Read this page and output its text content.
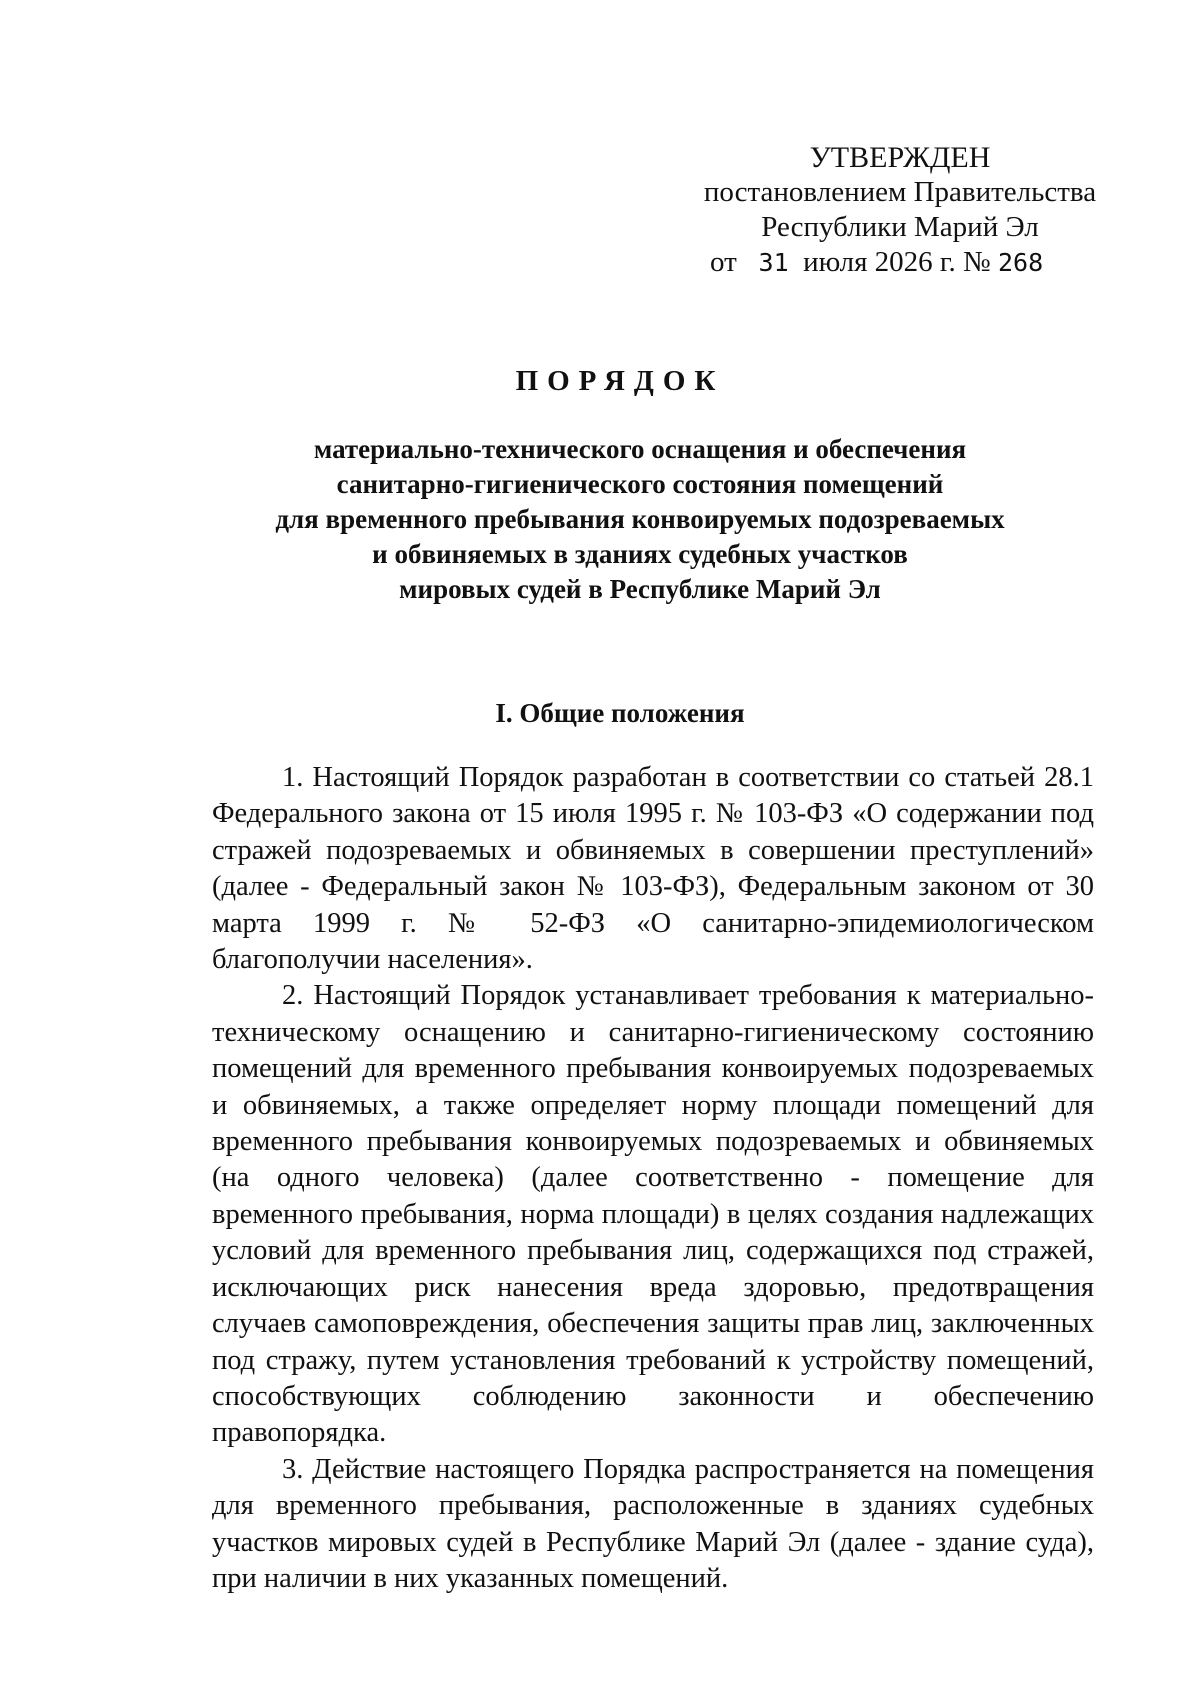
УТВЕРЖДЕН
постановлением Правительства
Республики Марий Эл
от 31 июля 2026 г. № 268
ПОРЯДОК
материально-технического оснащения и обеспечения
санитарно-гигиенического состояния помещений
для временного пребывания конвоируемых подозреваемых
и обвиняемых в зданиях судебных участков
мировых судей в Республике Марий Эл
I. Общие положения

1. Настоящий Порядок разработан в соответствии со статьей 28.1 Федерального закона от 15 июля 1995 г. № 103-ФЗ «О содержании под стражей подозреваемых и обвиняемых в совершении преступлений» (далее - Федеральный закон № 103-ФЗ), Федеральным законом от 30 марта 1999 г. № 52-ФЗ «О санитарно-эпидемиологическом благополучии населения».

2. Настоящий Порядок устанавливает требования к материально-техническому оснащению и санитарно-гигиеническому состоянию помещений для временного пребывания конвоируемых подозреваемых и обвиняемых, а также определяет норму площади помещений для временного пребывания конвоируемых подозреваемых и обвиняемых (на одного человека) (далее соответственно - помещение для временного пребывания, норма площади) в целях создания надлежащих условий для временного пребывания лиц, содержащихся под стражей, исключающих риск нанесения вреда здоровью, предотвращения случаев самоповреждения, обеспечения защиты прав лиц, заключенных под стражу, путем установления требований к устройству помещений, способствующих соблюдению законности и обеспечению правопорядка.

3. Действие настоящего Порядка распространяется на помещения для временного пребывания, расположенные в зданиях судебных участков мировых судей в Республике Марий Эл (далее - здание суда), при наличии в них указанных помещений.
